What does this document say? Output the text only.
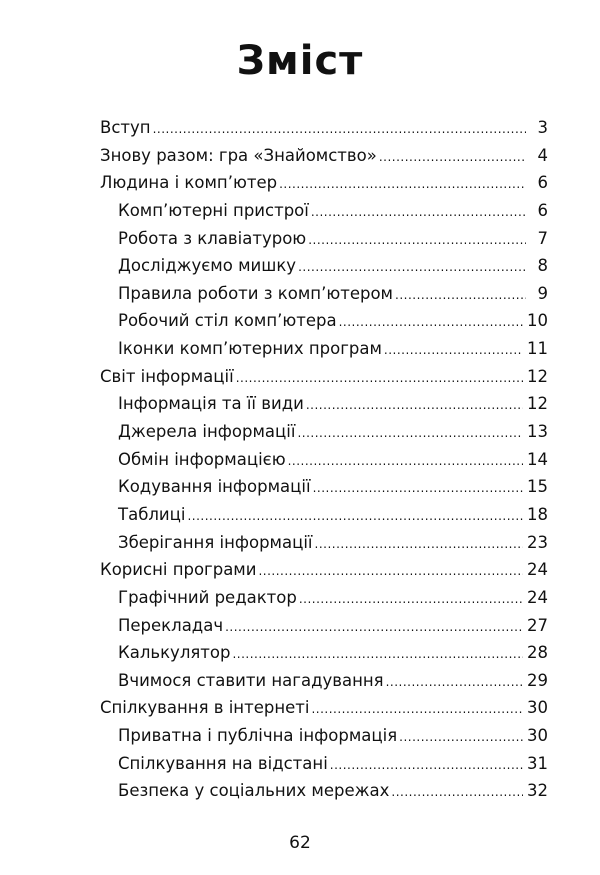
Зміст
Вступ .....	3
Знову разом: гра «Знайомство» .....	4
Людина і комп’ютер .....	6
Комп’ютерні пристрої .....	6
Робота з клавіатурою .....	7
Досліджуємо мишку .....	8
Правила роботи з комп’ютером .....	9
Робочий стіл комп’ютера .....	10
Іконки комп’ютерних програм .....	11
Світ інформації .....	12
Інформація та її види .....	12
Джерела інформації .....	13
Обмін інформацією .....	14
Кодування інформації .....	15
Таблиці .....	18
Зберігання інформації .....	23
Корисні програми .....	24
Графічний редактор .....	24
Перекладач .....	27
Калькулятор .....	28
Вчимося ставити нагадування .....	29
Спілкування в інтернеті .....	30
Приватна і публічна інформація .....	30
Спілкування на відстані .....	31
Безпека у соціальних мережах .....	32
62
